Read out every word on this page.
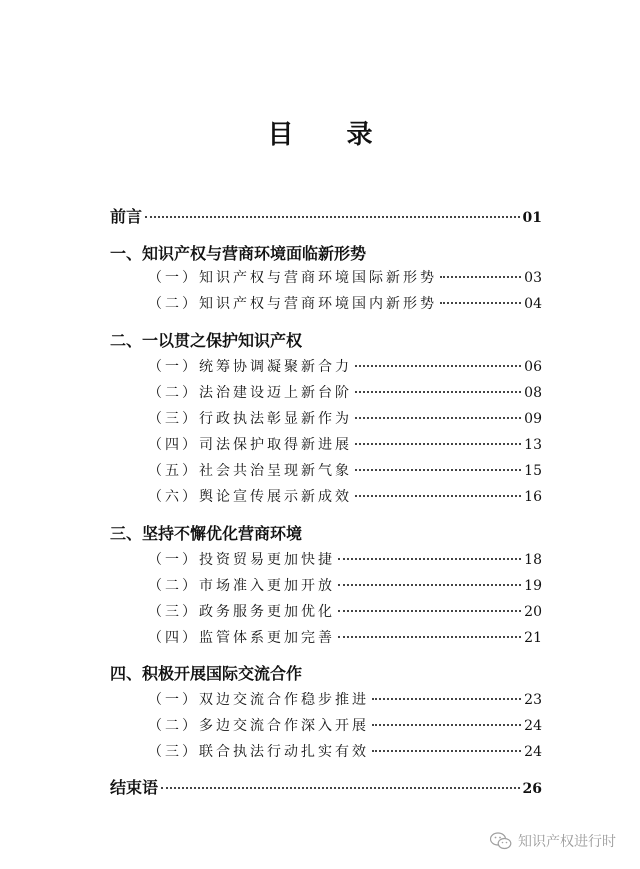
目 录
前言	01
一、知识产权与营商环境面临新形势
（一）知识产权与营商环境国际新形势	03
（二）知识产权与营商环境国内新形势	04
二、一以贯之保护知识产权
（一）统筹协调凝聚新合力	06
（二）法治建设迈上新台阶	08
（三）行政执法彰显新作为	09
（四）司法保护取得新进展	13
（五）社会共治呈现新气象	15
（六）舆论宣传展示新成效	16
三、坚持不懈优化营商环境
（一）投资贸易更加快捷	18
（二）市场准入更加开放	19
（三）政务服务更加优化	20
（四）监管体系更加完善	21
四、积极开展国际交流合作
（一）双边交流合作稳步推进	23
（二）多边交流合作深入开展	24
（三）联合执法行动扎实有效	24
结束语	26
知识产权进行时
